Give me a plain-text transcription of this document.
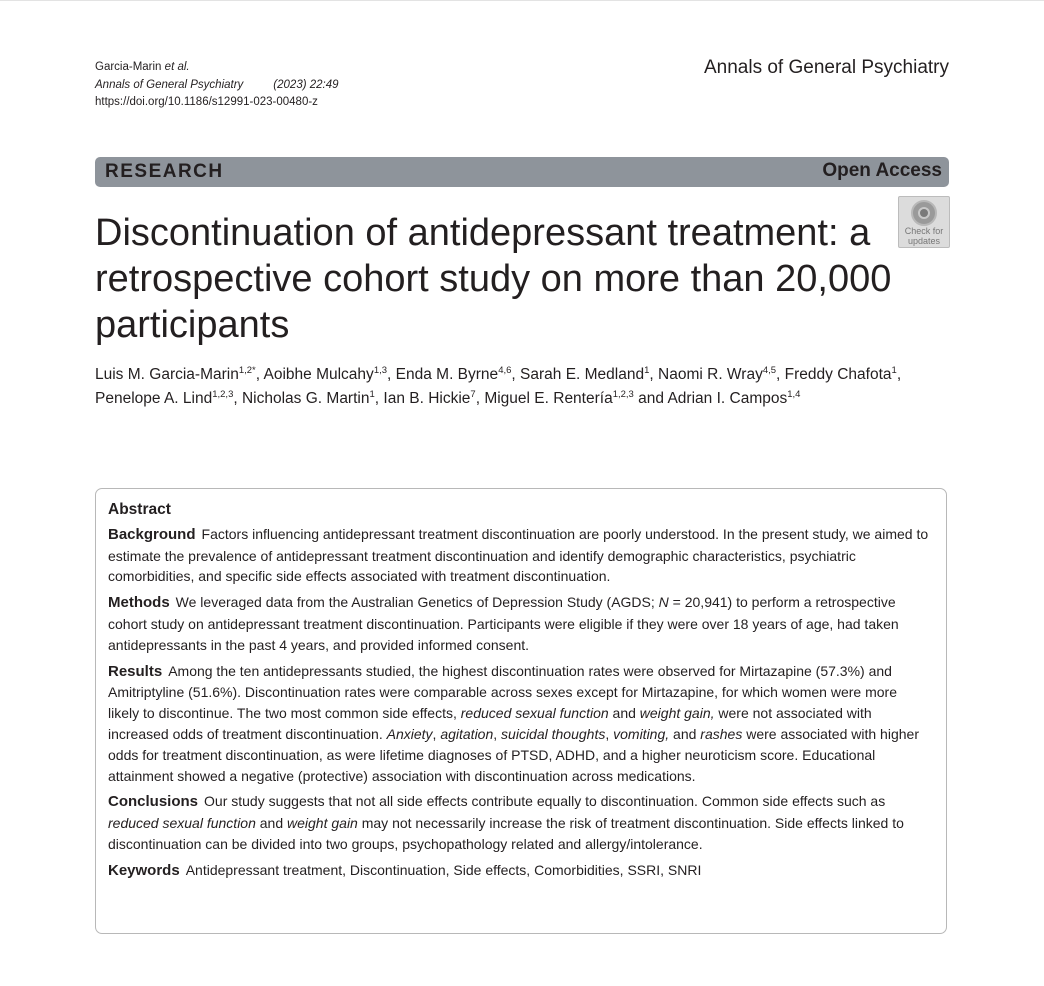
Garcia-Marin et al.
Annals of General Psychiatry	(2023) 22:49
https://doi.org/10.1186/s12991-023-00480-z
Annals of General Psychiatry
RESEARCH	Open Access
Discontinuation of antidepressant treatment: a retrospective cohort study on more than 20,000 participants
Check for
updates
Luis M. Garcia-Marin$^{1,2*}$, Aoibhe Mulcahy$^{1,3}$, Enda M. Byrne$^{4,6}$, Sarah E. Medland$^1$, Naomi R. Wray$^{4,5}$, Freddy Chafota$^1$, Penelope A. Lind$^{1,2,3}$, Nicholas G. Martin$^1$, Ian B. Hickie$^7$, Miguel E. Rentería$^{1,2,3}$ and Adrian I. Campos$^{1,4}$
Abstract

Background Factors influencing antidepressant treatment discontinuation are poorly understood. In the present study, we aimed to estimate the prevalence of antidepressant treatment discontinuation and identify demographic characteristics, psychiatric comorbidities, and specific side effects associated with treatment discontinuation.

Methods We leveraged data from the Australian Genetics of Depression Study (AGDS; N = 20,941) to perform a retrospective cohort study on antidepressant treatment discontinuation. Participants were eligible if they were over 18 years of age, had taken antidepressants in the past 4 years, and provided informed consent.

Results Among the ten antidepressants studied, the highest discontinuation rates were observed for Mirtazapine (57.3%) and Amitriptyline (51.6%). Discontinuation rates were comparable across sexes except for Mirtazapine, for which women were more likely to discontinue. The two most common side effects, reduced sexual function and weight gain, were not associated with increased odds of treatment discontinuation. Anxiety, agitation, suicidal thoughts, vomiting, and rashes were associated with higher odds for treatment discontinuation, as were lifetime diagnoses of PTSD, ADHD, and a higher neuroticism score. Educational attainment showed a negative (protective) association with discontinuation across medications.

Conclusions Our study suggests that not all side effects contribute equally to discontinuation. Common side effects such as reduced sexual function and weight gain may not necessarily increase the risk of treatment discontinuation. Side effects linked to discontinuation can be divided into two groups, psychopathology related and allergy/intolerance.

Keywords Antidepressant treatment, Discontinuation, Side effects, Comorbidities, SSRI, SNRI
